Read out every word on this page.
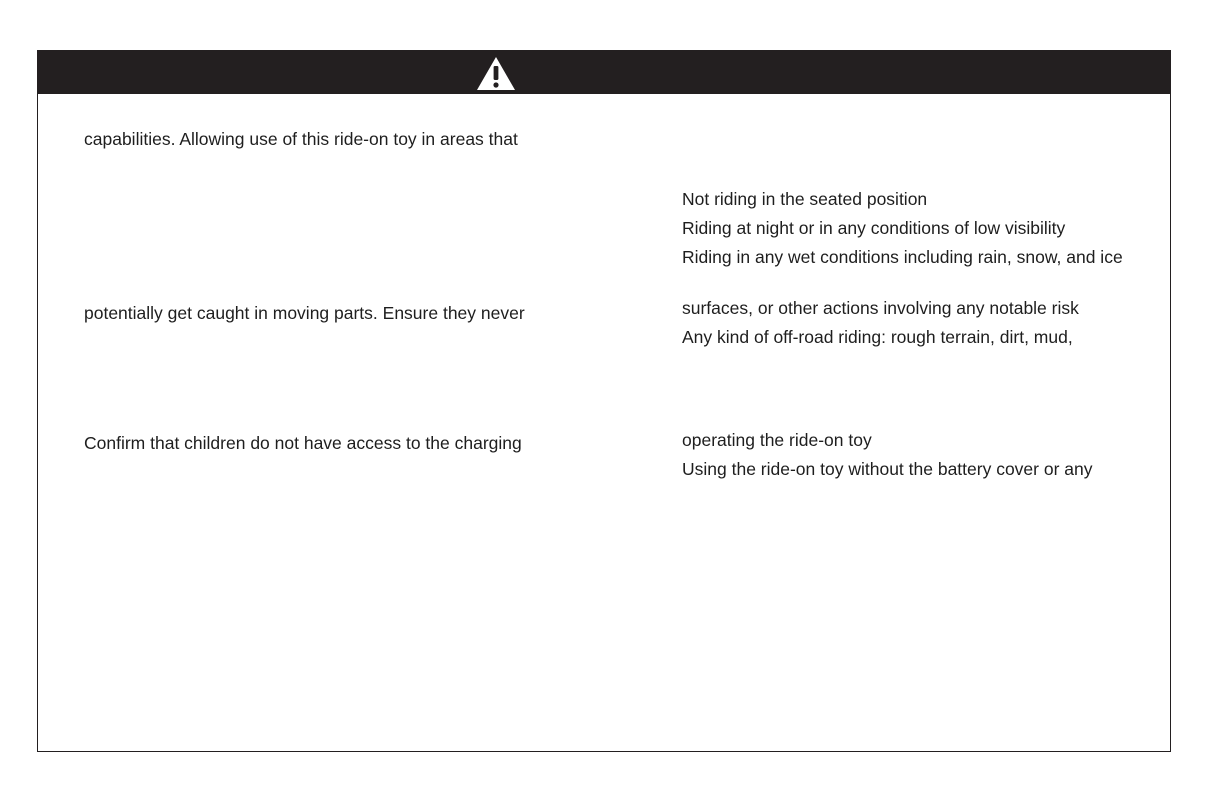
capabilities. Allowing use of this ride-on toy in areas that
potentially get caught in moving parts. Ensure they never
Confirm that children do not have access to the charging
Not riding in the seated position
Riding at night or in any conditions of low visibility
Riding in any wet conditions including rain, snow, and ice
surfaces, or other actions involving any notable risk
Any kind of off-road riding: rough terrain, dirt, mud,
operating the ride-on toy
Using the ride-on toy without the battery cover or any
